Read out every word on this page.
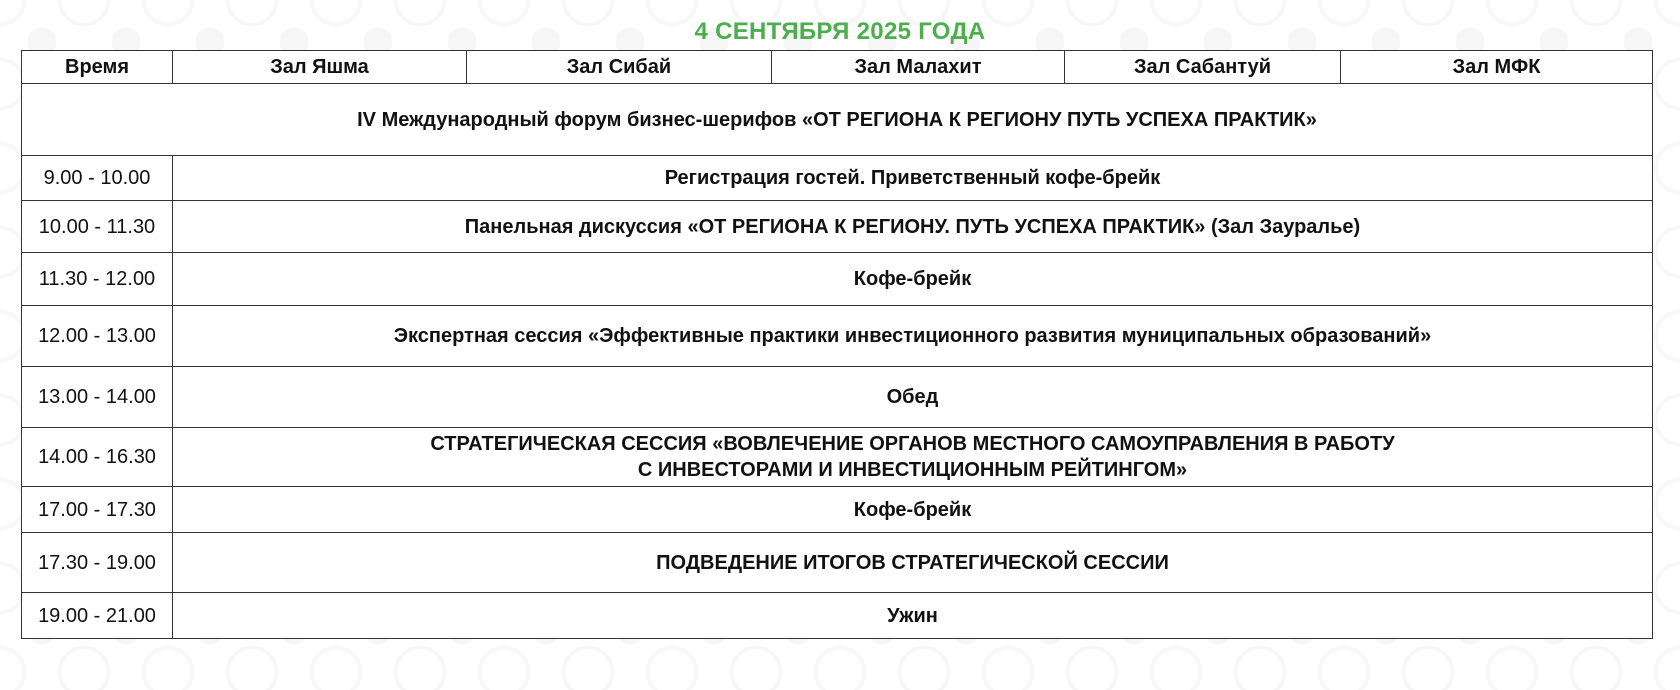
4 СЕНТЯБРЯ 2025 ГОДА
Время	Зал Яшма	Зал Сибай	Зал Малахит	Зал Сабантуй	Зал МФК
IV Международный форум бизнес-шерифов «ОТ РЕГИОНА К РЕГИОНУ ПУТЬ УСПЕХА ПРАКТИК»					
9.00 - 10.00	Регистрация гостей. Приветственный кофе-брейк				
10.00 - 11.30	Панельная дискуссия «ОТ РЕГИОНА К РЕГИОНУ. ПУТЬ УСПЕХА ПРАКТИК» (Зал Зауралье)				
11.30 - 12.00	Кофе-брейк				
12.00 - 13.00	Экспертная сессия «Эффективные практики инвестиционного развития муниципальных образований»				
13.00 - 14.00	Обед				
14.00 - 16.30	СТРАТЕГИЧЕСКАЯ СЕССИЯ «ВОВЛЕЧЕНИЕ ОРГАНОВ МЕСТНОГО САМОУПРАВЛЕНИЯ В РАБОТУ
С ИНВЕСТОРАМИ И ИНВЕСТИЦИОННЫМ РЕЙТИНГОМ»				

17.00 - 17.30	Кофе-брейк				
17.30 - 19.00	ПОДВЕДЕНИЕ ИТОГОВ СТРАТЕГИЧЕСКОЙ СЕССИИ				
19.00 - 21.00	Ужин				
